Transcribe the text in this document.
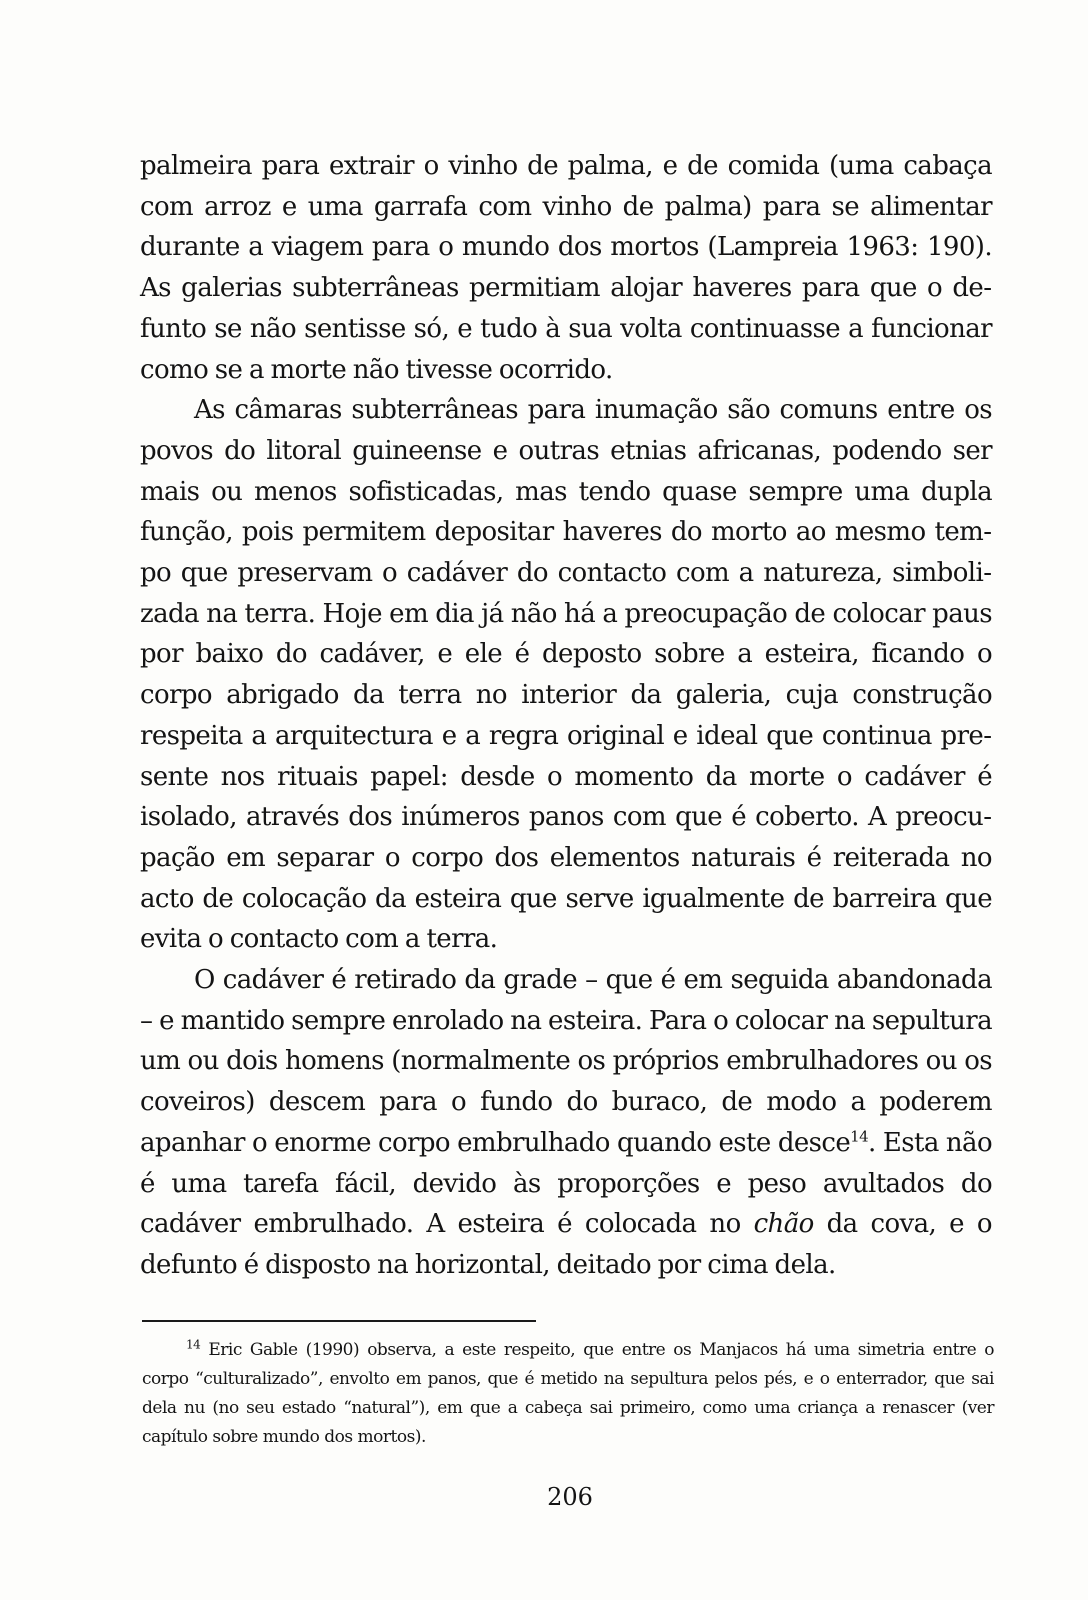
palmeira para extrair o vinho de palma, e de comida (uma cabaça com arroz e uma garrafa com vinho de palma) para se alimentar durante a viagem para o mundo dos mortos (Lampreia 1963: 190). As galerias subterrâneas permitiam alojar haveres para que o defunto se não sentisse só, e tudo à sua volta continuasse a funcionar como se a morte não tivesse ocorrido.

As câmaras subterrâneas para inumação são comuns entre os povos do litoral guineense e outras etnias africanas, podendo ser mais ou menos sofisticadas, mas tendo quase sempre uma dupla função, pois permitem depositar haveres do morto ao mesmo tempo que preservam o cadáver do contacto com a natureza, simbolizada na terra. Hoje em dia já não há a preocupação de colocar paus por baixo do cadáver, e ele é deposto sobre a esteira, ficando o corpo abrigado da terra no interior da galeria, cuja construção respeita a arquitectura e a regra original e ideal que continua presente nos rituais papel: desde o momento da morte o cadáver é isolado, através dos inúmeros panos com que é coberto. A preocupação em separar o corpo dos elementos naturais é reiterada no acto de colocação da esteira que serve igualmente de barreira que evita o contacto com a terra.

O cadáver é retirado da grade – que é em seguida abandonada – e mantido sempre enrolado na esteira. Para o colocar na sepultura um ou dois homens (normalmente os próprios embrulhadores ou os coveiros) descem para o fundo do buraco, de modo a poderem apanhar o enorme corpo embrulhado quando este desce$^{14}$. Esta não é uma tarefa fácil, devido às proporções e peso avultados do cadáver embrulhado. A esteira é colocada no chão da cova, e o defunto é disposto na horizontal, deitado por cima dela.

$^{14}$ Eric Gable (1990) observa, a este respeito, que entre os Manjacos há uma simetria entre o corpo “culturalizado”, envolto em panos, que é metido na sepultura pelos pés, e o enterrador, que sai dela nu (no seu estado “natural”), em que a cabeça sai primeiro, como uma criança a renascer (ver capítulo sobre mundo dos mortos).

206
